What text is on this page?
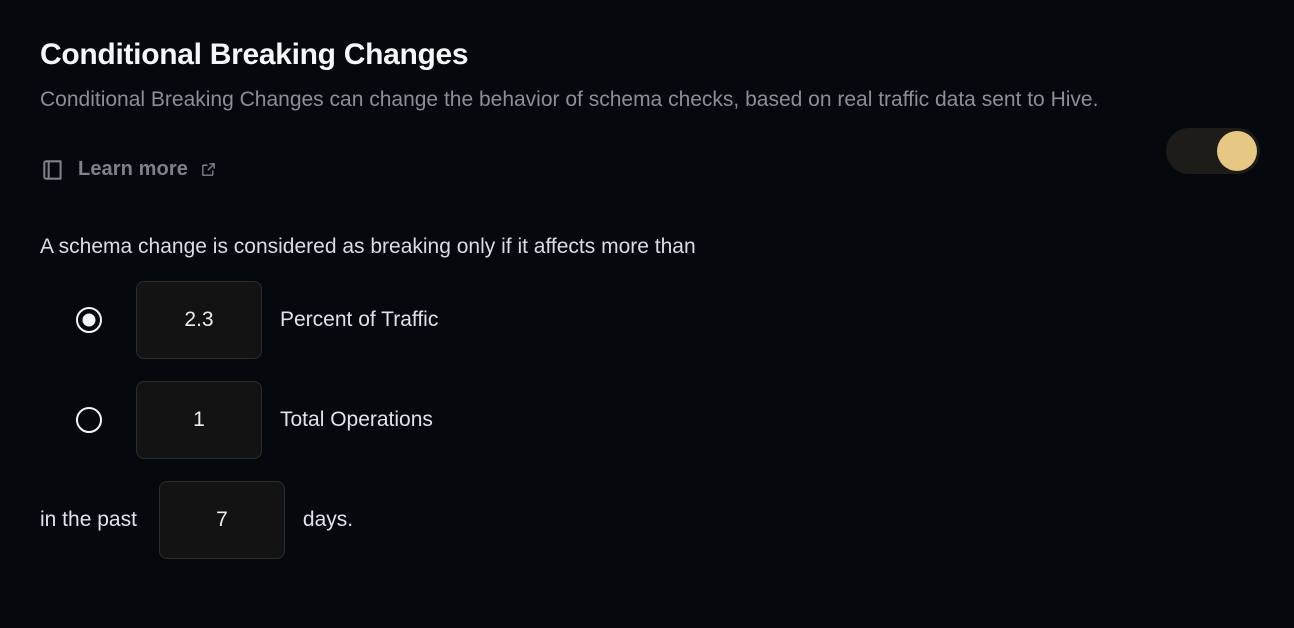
Conditional Breaking Changes

Conditional Breaking Changes can change the behavior of schema checks, based on real traffic data sent to Hive.

Learn more
A schema change is considered as breaking only if it affects more than
2.3
Percent of Traffic
1
Total Operations
in the past
7	days.
